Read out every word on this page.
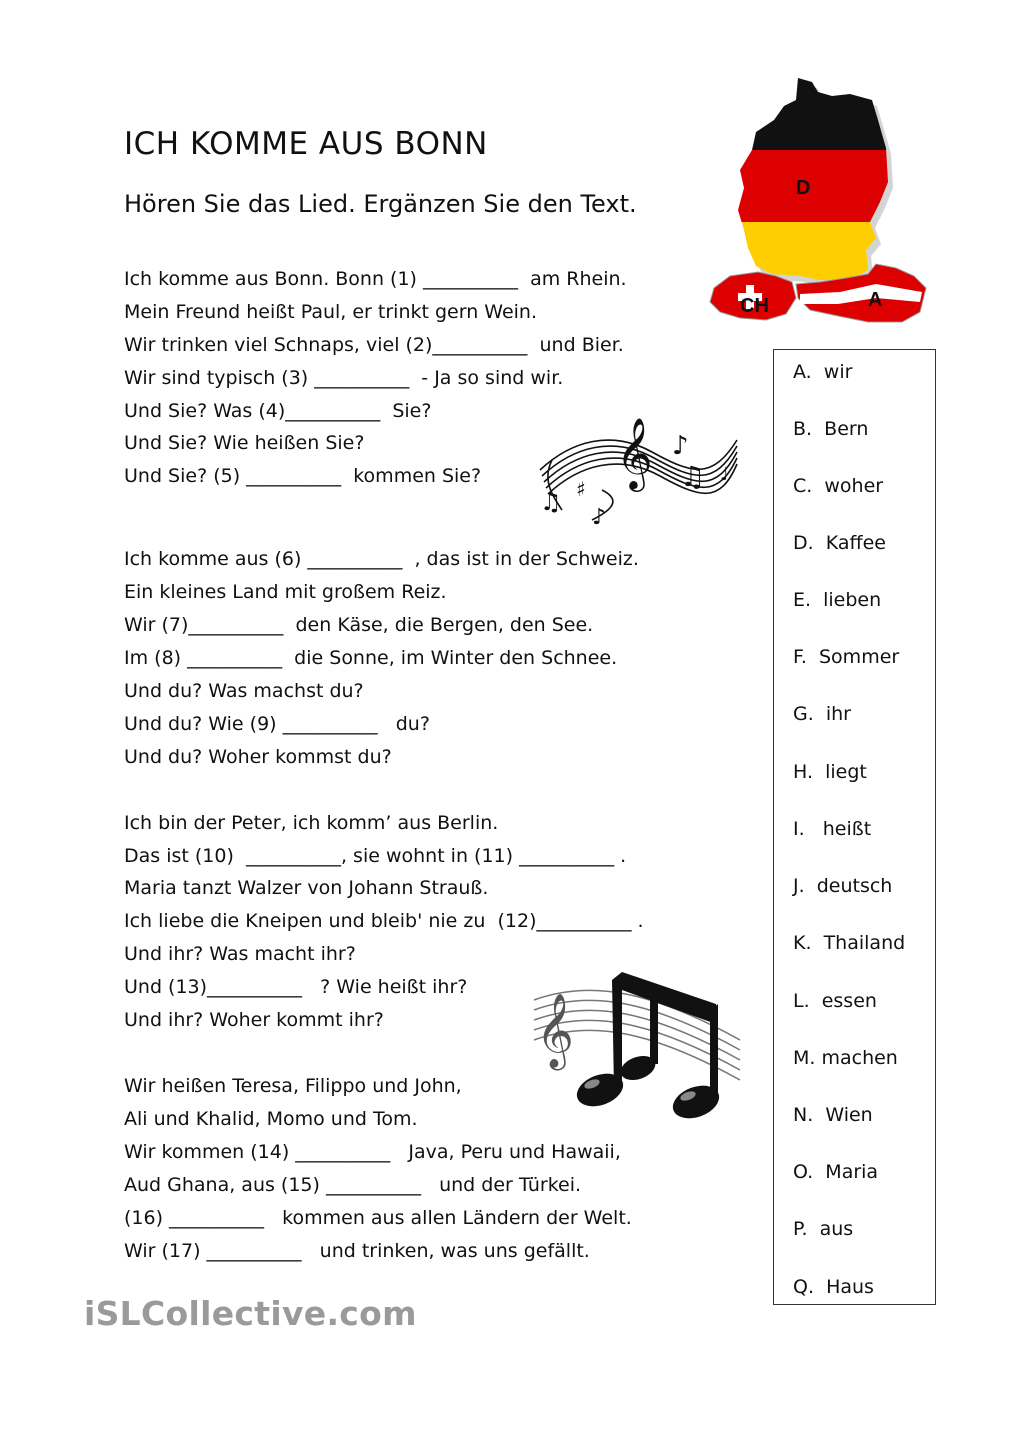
ICH KOMME AUS BONN
Hören Sie das Lied. Ergänzen Sie den Text.
D
CH	A
Ich komme aus Bonn. Bonn (1) __________  am Rhein.
Mein Freund heißt Paul, er trinkt gern Wein.
Wir trinken viel Schnaps, viel (2)__________  und Bier.
Wir sind typisch (3) __________  - Ja so sind wir.
Und Sie? Was (4)__________  Sie?
Und Sie? Wie heißen Sie?
Und Sie? (5) __________  kommen Sie?
Ich komme aus (6) __________  , das ist in der Schweiz.
Ein kleines Land mit großem Reiz.
Wir (7)__________  den Käse, die Bergen, den See.
Im (8) __________  die Sonne, im Winter den Schnee.
Und du? Was machst du?
Und du? Wie (9) __________   du?
Und du? Woher kommst du?
Ich bin der Peter, ich komm’ aus Berlin.
Das ist (10)  __________, sie wohnt in (11) __________ .
Maria tanzt Walzer von Johann Strauß.
Ich liebe die Kneipen und bleib' nie zu  (12)__________ .
Und ihr? Was macht ihr?
Und (13)__________   ? Wie heißt ihr?
Und ihr? Woher kommt ihr?
Wir heißen Teresa, Filippo und John,
Ali und Khalid, Momo und Tom.
Wir kommen (14) __________   Java, Peru und Hawaii,
Aud Ghana, aus (15) __________   und der Türkei.
(16) __________   kommen aus allen Ländern der Welt.
Wir (17) __________   und trinken, was uns gefällt.
𝄞 ♪
♫
♯
♫
♪
♩
𝄞
A.  wir
B.  Bern
C.  woher
D.  Kaffee
E.  lieben
F.  Sommer
G.  ihr
H.  liegt
I.   heißt
J.  deutsch
K.  Thailand
L.  essen
M. machen
N.  Wien
O.  Maria
P.  aus
Q.  Haus
iSLCollective.com
